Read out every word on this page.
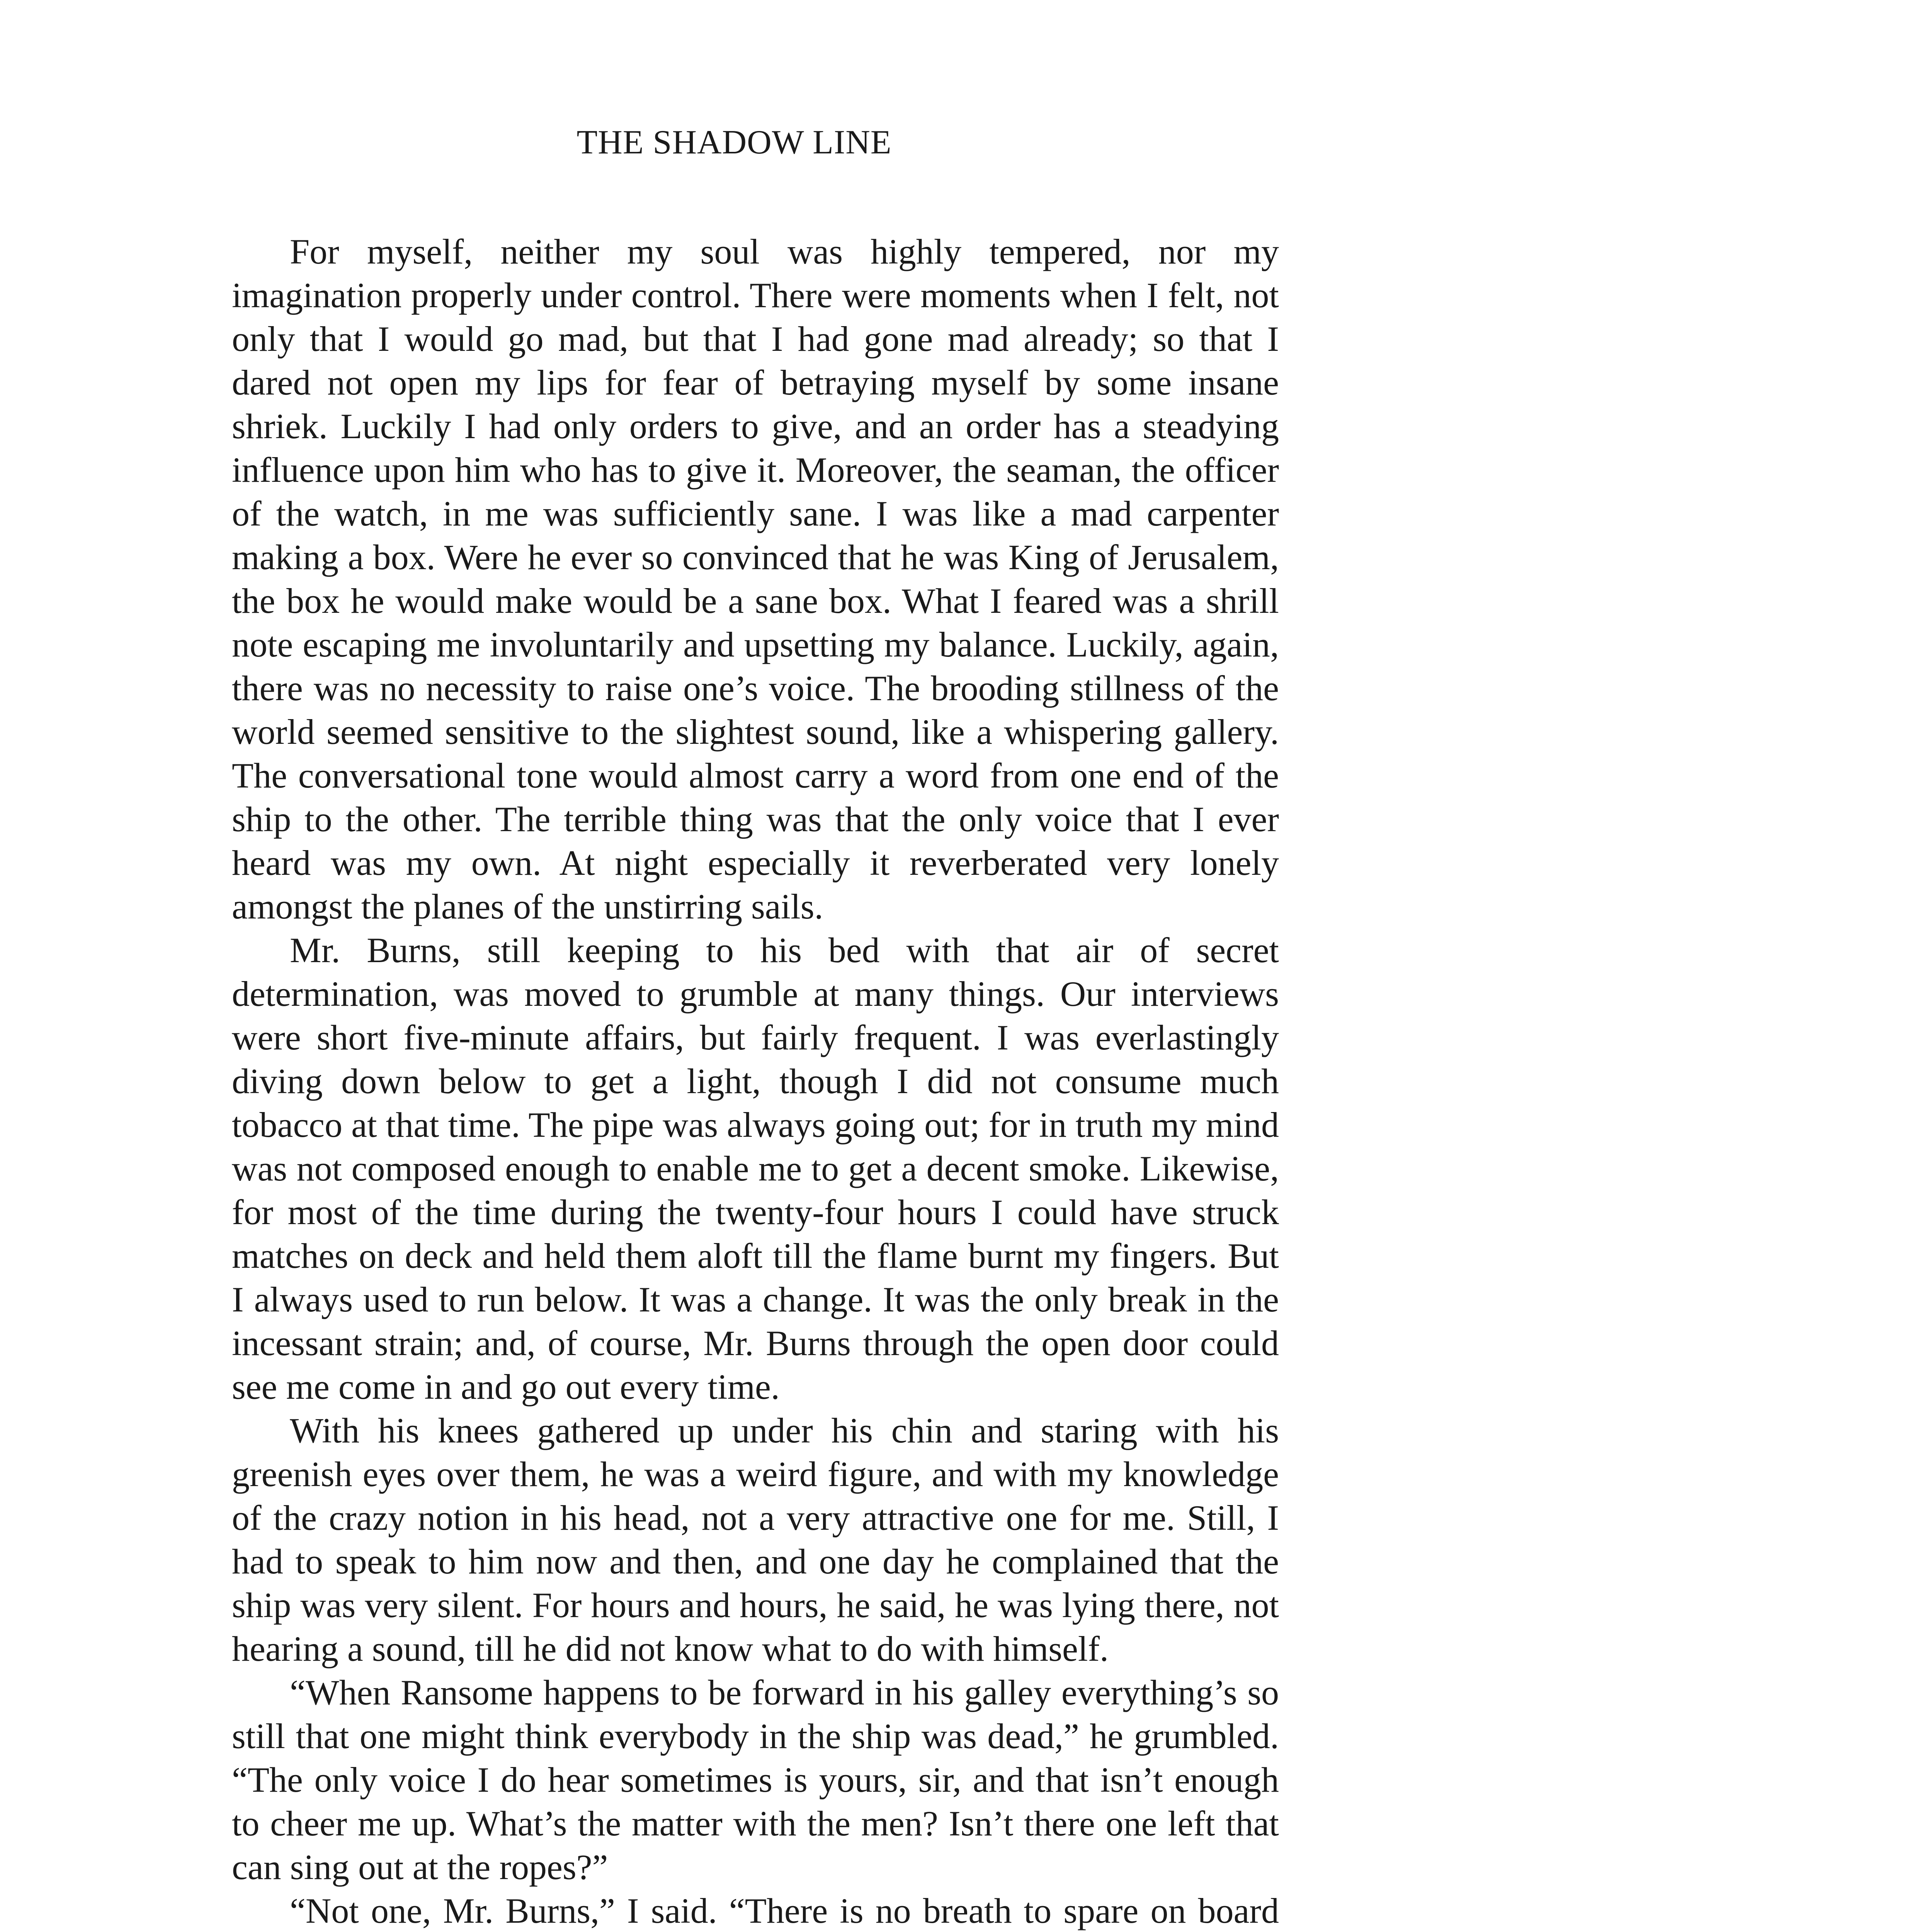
THE SHADOW LINE

For myself, neither my soul was highly tempered, nor my imagination properly under control. There were moments when I felt, not only that I would go mad, but that I had gone mad already; so that I dared not open my lips for fear of betraying myself by some insane shriek. Luckily I had only orders to give, and an order has a steadying influence upon him who has to give it. Moreover, the seaman, the officer of the watch, in me was sufficiently sane. I was like a mad carpenter making a box. Were he ever so convinced that he was King of Jerusalem, the box he would make would be a sane box. What I feared was a shrill note escaping me involuntarily and upsetting my balance. Luckily, again, there was no necessity to raise one’s voice. The brooding stillness of the world seemed sensitive to the slightest sound, like a whispering gallery. The conversational tone would almost carry a word from one end of the ship to the other. The terrible thing was that the only voice that I ever heard was my own. At night especially it reverberated very lonely amongst the planes of the unstirring sails.

Mr. Burns, still keeping to his bed with that air of secret determination, was moved to grumble at many things. Our interviews were short five-minute affairs, but fairly frequent. I was everlastingly diving down below to get a light, though I did not consume much tobacco at that time. The pipe was always going out; for in truth my mind was not composed enough to enable me to get a decent smoke. Likewise, for most of the time during the twenty-four hours I could have struck matches on deck and held them aloft till the flame burnt my fingers. But I always used to run below. It was a change. It was the only break in the incessant strain; and, of course, Mr. Burns through the open door could see me come in and go out every time.

With his knees gathered up under his chin and staring with his greenish eyes over them, he was a weird figure, and with my knowledge of the crazy notion in his head, not a very attractive one for me. Still, I had to speak to him now and then, and one day he complained that the ship was very silent. For hours and hours, he said, he was lying there, not hearing a sound, till he did not know what to do with himself.

“When Ransome happens to be forward in his galley everything’s so still that one might think everybody in the ship was dead,” he grumbled. “The only voice I do hear sometimes is yours, sir, and that isn’t enough to cheer me up. What’s the matter with the men? Isn’t there one left that can sing out at the ropes?”

“Not one, Mr. Burns,” I said. “There is no breath to spare on board
